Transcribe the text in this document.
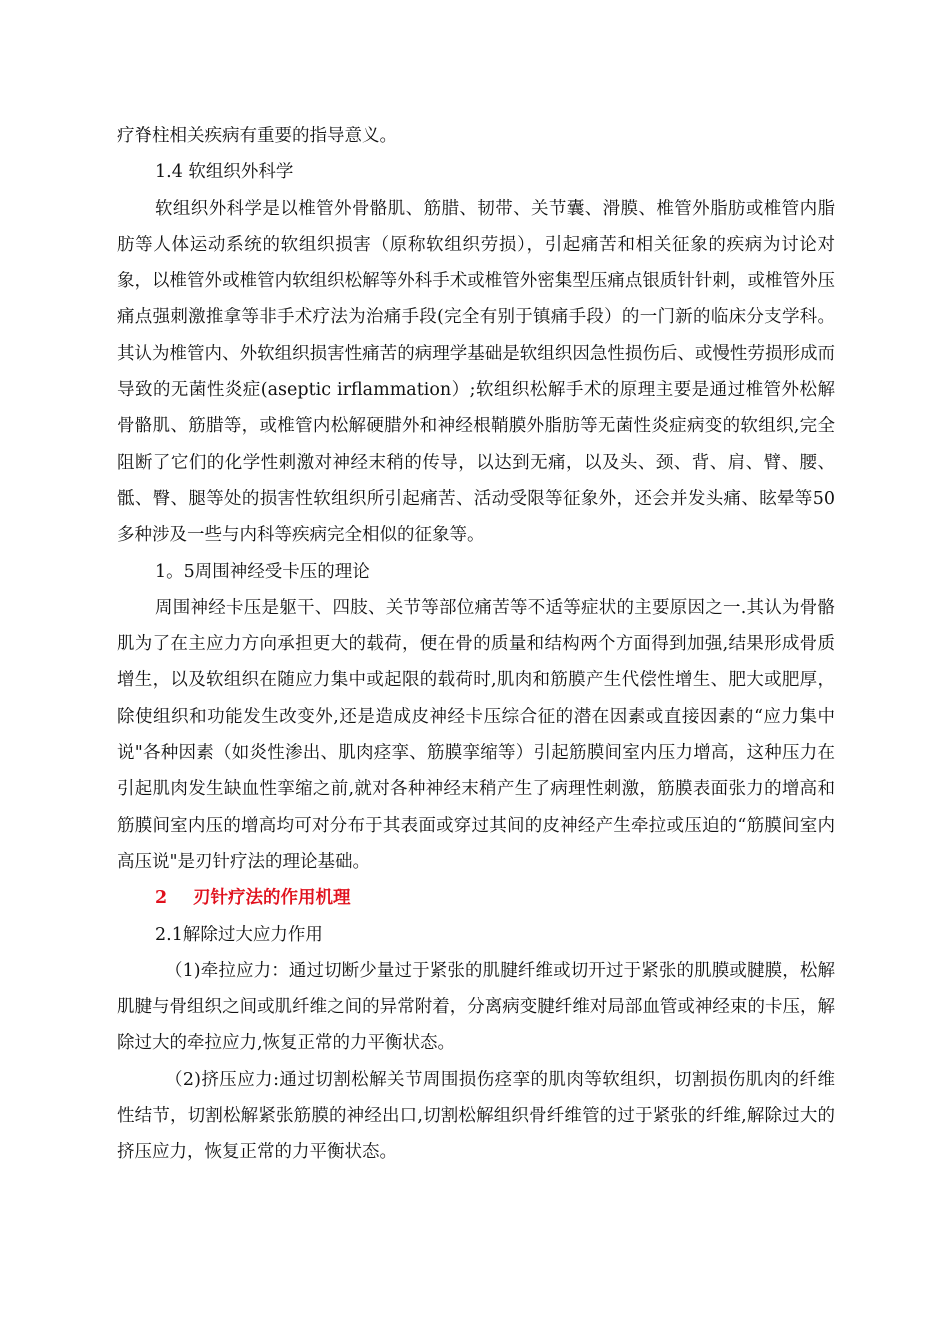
疗脊柱相关疾病有重要的指导意义。

1.4 软组织外科学

软组织外科学是以椎管外骨骼肌、筋腊、韧带、关节囊、滑膜、椎管外脂肪或椎管内脂肪等人体运动系统的软组织损害（原称软组织劳损），引起痛苦和相关征象的疾病为讨论对象，以椎管外或椎管内软组织松解等外科手术或椎管外密集型压痛点银质针针刺，或椎管外压痛点强刺激推拿等非手术疗法为治痛手段(完全有别于镇痛手段）的一门新的临床分支学科。其认为椎管内、外软组织损害性痛苦的病理学基础是软组织因急性损伤后、或慢性劳损形成而导致的无菌性炎症(aseptic irflammation）;软组织松解手术的原理主要是通过椎管外松解骨骼肌、筋腊等，或椎管内松解硬腊外和神经根鞘膜外脂肪等无菌性炎症病变的软组织,完全阻断了它们的化学性刺激对神经末稍的传导，以达到无痛，以及头、颈、背、肩、臂、腰、骶、臀、腿等处的损害性软组织所引起痛苦、活动受限等征象外，还会并发头痛、眩晕等50多种涉及一些与内科等疾病完全相似的征象等。

1。5周围神经受卡压的理论

周围神经卡压是躯干、四肢、关节等部位痛苦等不适等症状的主要原因之一.其认为骨骼肌为了在主应力方向承担更大的载荷，便在骨的质量和结构两个方面得到加强,结果形成骨质增生，以及软组织在随应力集中或起限的载荷时,肌肉和筋膜产生代偿性增生、肥大或肥厚，除使组织和功能发生改变外,还是造成皮神经卡压综合征的潜在因素或直接因素的“应力集中说"各种因素（如炎性渗出、肌肉痉挛、筋膜挛缩等）引起筋膜间室内压力增高，这种压力在引起肌肉发生缺血性挛缩之前,就对各种神经末稍产生了病理性刺激，筋膜表面张力的增高和筋膜间室内压的增高均可对分布于其表面或穿过其间的皮神经产生牵拉或压迫的“筋膜间室内高压说"是刃针疗法的理论基础。

2 刃针疗法的作用机理

2.1解除过大应力作用

（1)牵拉应力：通过切断少量过于紧张的肌腱纤维或切开过于紧张的肌膜或腱膜，松解肌腱与骨组织之间或肌纤维之间的异常附着，分离病变腱纤维对局部血管或神经束的卡压，解除过大的牵拉应力,恢复正常的力平衡状态。

（2)挤压应力:通过切割松解关节周围损伤痉挛的肌肉等软组织，切割损伤肌肉的纤维性结节，切割松解紧张筋膜的神经出口,切割松解组织骨纤维管的过于紧张的纤维,解除过大的挤压应力，恢复正常的力平衡状态。
